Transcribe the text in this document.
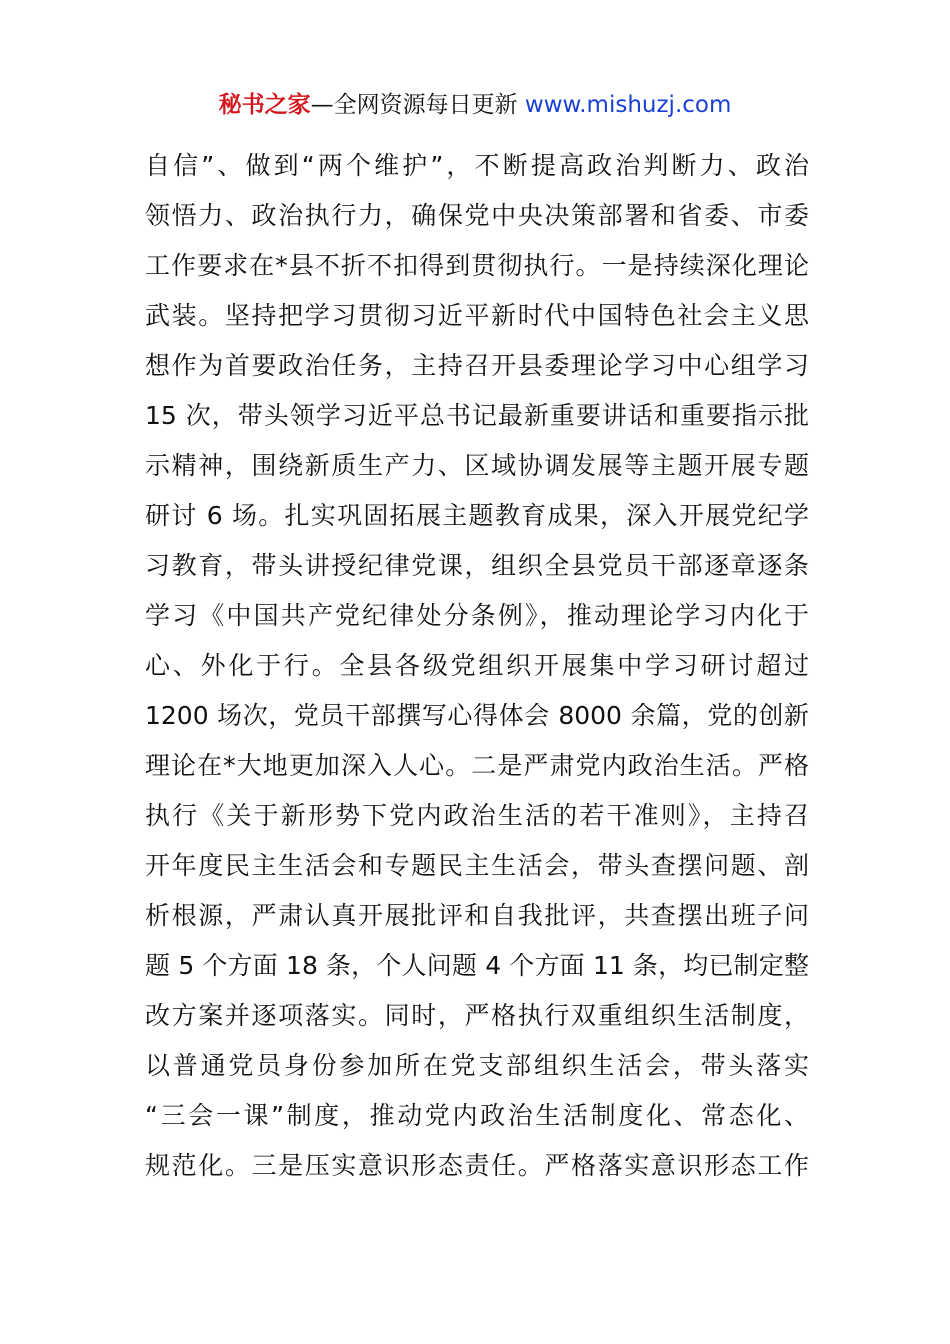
秘书之家—全网资源每日更新 www.mishuzj.com
自信”、做到“两个维护”，不断提高政治判断力、政治
领悟力、政治执行力，确保党中央决策部署和省委、市委
工作要求在*县不折不扣得到贯彻执行。一是持续深化理论
武装。坚持把学习贯彻习近平新时代中国特色社会主义思
想作为首要政治任务，主持召开县委理论学习中心组学习
15 次，带头领学习近平总书记最新重要讲话和重要指示批
示精神，围绕新质生产力、区域协调发展等主题开展专题
研讨 6 场。扎实巩固拓展主题教育成果，深入开展党纪学
习教育，带头讲授纪律党课，组织全县党员干部逐章逐条
学习《中国共产党纪律处分条例》，推动理论学习内化于
心、外化于行。全县各级党组织开展集中学习研讨超过
1200 场次，党员干部撰写心得体会 8000 余篇，党的创新
理论在*大地更加深入人心。二是严肃党内政治生活。严格
执行《关于新形势下党内政治生活的若干准则》，主持召
开年度民主生活会和专题民主生活会，带头查摆问题、剖
析根源，严肃认真开展批评和自我批评，共查摆出班子问
题 5 个方面 18 条，个人问题 4 个方面 11 条，均已制定整
改方案并逐项落实。同时，严格执行双重组织生活制度，
以普通党员身份参加所在党支部组织生活会，带头落实
“三会一课”制度，推动党内政治生活制度化、常态化、
规范化。三是压实意识形态责任。严格落实意识形态工作
